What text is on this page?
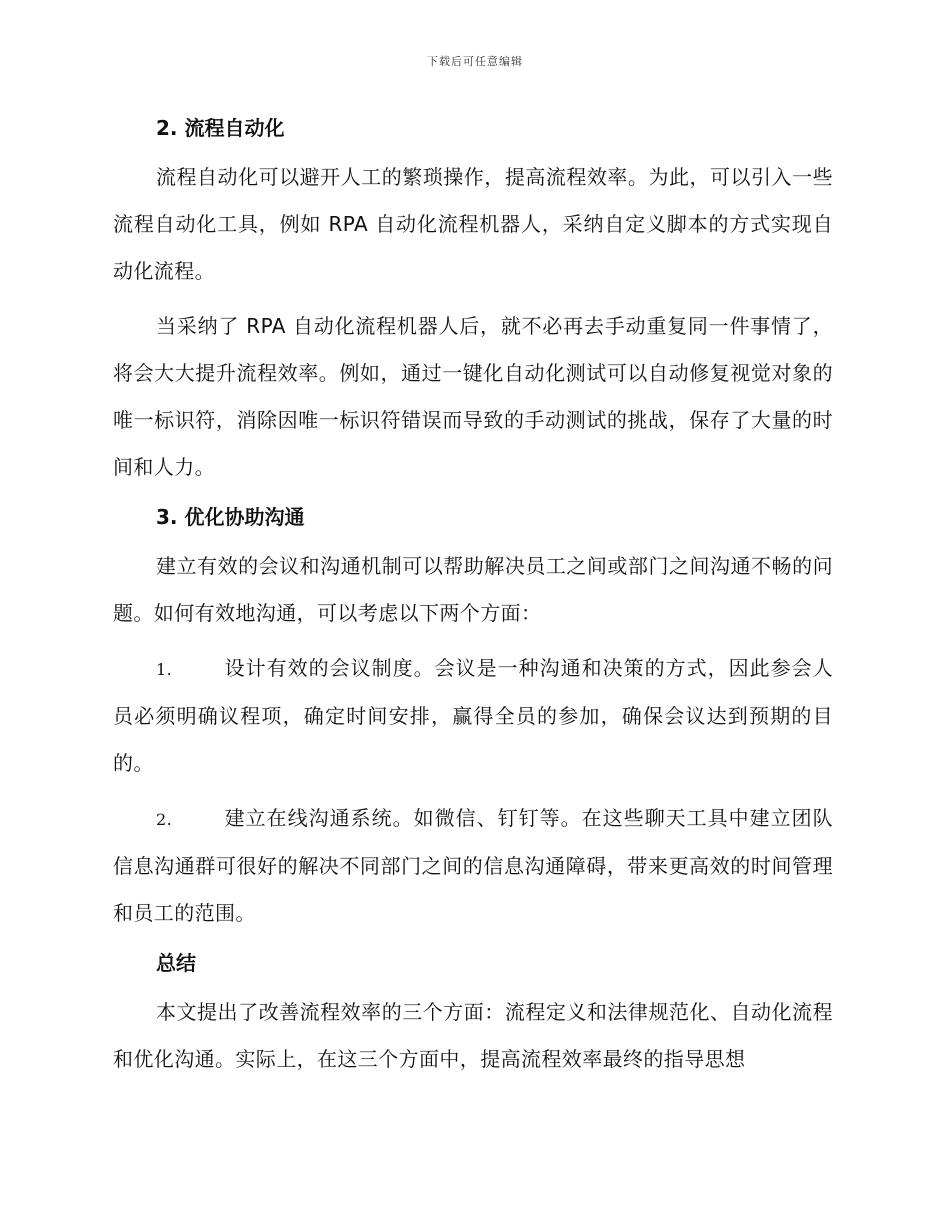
下载后可任意编辑
2. 流程自动化

流程自动化可以避开人工的繁琐操作，提高流程效率。为此，可以引入一些流程自动化工具，例如 RPA 自动化流程机器人，采纳自定义脚本的方式实现自动化流程。

当采纳了 RPA 自动化流程机器人后，就不必再去手动重复同一件事情了，将会大大提升流程效率。例如，通过一键化自动化测试可以自动修复视觉对象的唯一标识符，消除因唯一标识符错误而导致的手动测试的挑战，保存了大量的时间和人力。

3. 优化协助沟通

建立有效的会议和沟通机制可以帮助解决员工之间或部门之间沟通不畅的问题。如何有效地沟通，可以考虑以下两个方面：

1.	设计有效的会议制度。会议是一种沟通和决策的方式，因此参会人员必须明确议程项，确定时间安排，赢得全员的参加，确保会议达到预期的目的。

2.	建立在线沟通系统。如微信、钉钉等。在这些聊天工具中建立团队信息沟通群可很好的解决不同部门之间的信息沟通障碍，带来更高效的时间管理和员工的范围。

总结

本文提出了改善流程效率的三个方面：流程定义和法律规范化、自动化流程和优化沟通。实际上，在这三个方面中，提高流程效率最终的指导思想
